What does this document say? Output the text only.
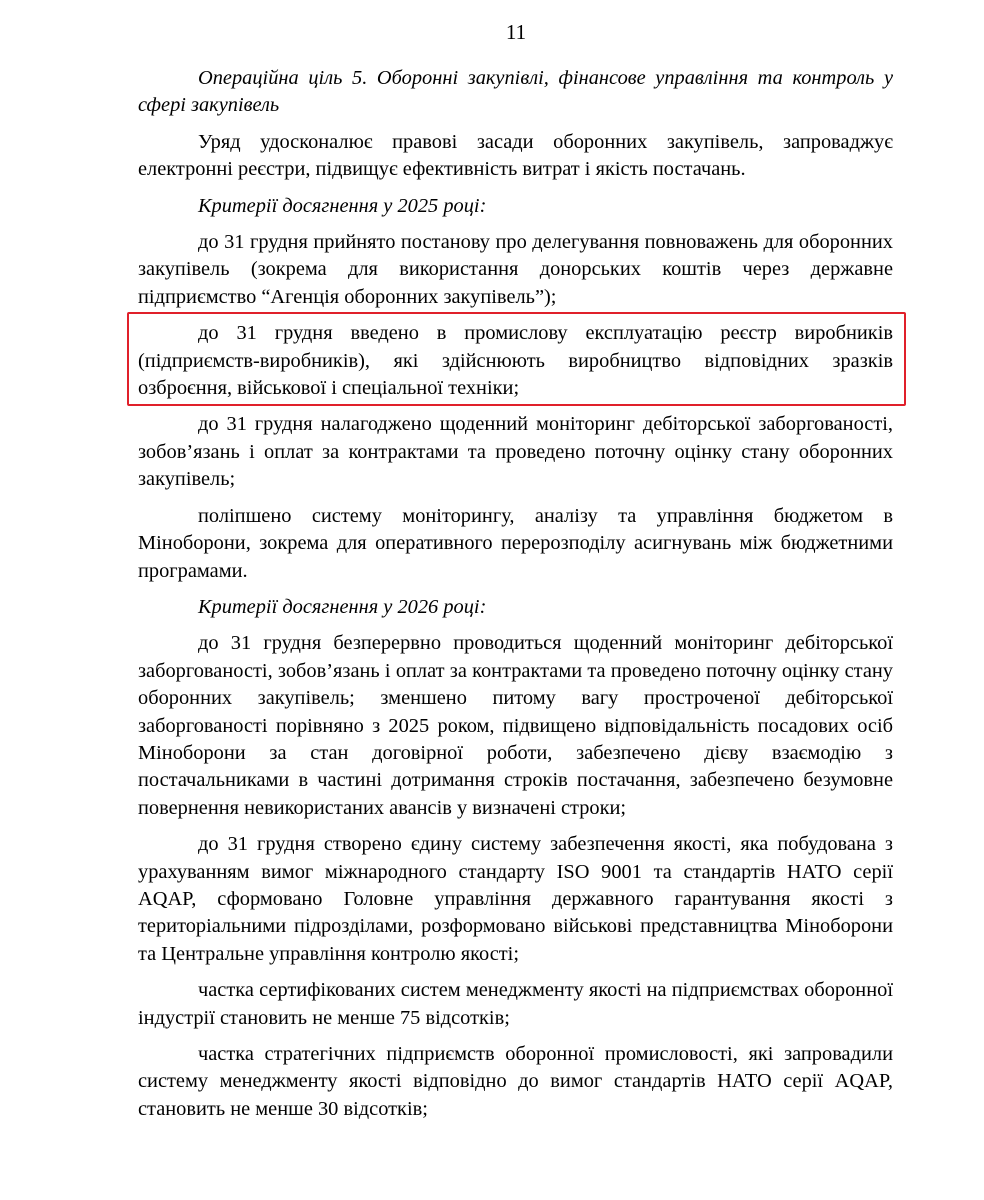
11

Операційна ціль 5. Оборонні закупівлі, фінансове управління та контроль у сфері закупівель

Уряд удосконалює правові засади оборонних закупівель, запроваджує електронні реєстри, підвищує ефективність витрат і якість постачань.

Критерії досягнення у 2025 році:

до 31 грудня прийнято постанову про делегування повноважень для оборонних закупівель (зокрема для використання донорських коштів через державне підприємство “Агенція оборонних закупівель”);

до 31 грудня введено в промислову експлуатацію реєстр виробників (підприємств-виробників), які здійснюють виробництво відповідних зразків озброєння, військової і спеціальної техніки;

до 31 грудня налагоджено щоденний моніторинг дебіторської заборгованості, зобов’язань і оплат за контрактами та проведено поточну оцінку стану оборонних закупівель;

поліпшено систему моніторингу, аналізу та управління бюджетом в Міноборони, зокрема для оперативного перерозподілу асигнувань між бюджетними програмами.

Критерії досягнення у 2026 році:

до 31 грудня безперервно проводиться щоденний моніторинг дебіторської заборгованості, зобов’язань і оплат за контрактами та проведено поточну оцінку стану оборонних закупівель; зменшено питому вагу простроченої дебіторської заборгованості порівняно з 2025 роком, підвищено відповідальність посадових осіб Міноборони за стан договірної роботи, забезпечено дієву взаємодію з постачальниками в частині дотримання строків постачання, забезпечено безумовне повернення невикористаних авансів у визначені строки;

до 31 грудня створено єдину систему забезпечення якості, яка побудована з урахуванням вимог міжнародного стандарту ISO 9001 та стандартів НАТО серії AQAP, сформовано Головне управління державного гарантування якості з територіальними підрозділами, розформовано військові представництва Міноборони та Центральне управління контролю якості;

частка сертифікованих систем менеджменту якості на підприємствах оборонної індустрії становить не менше 75 відсотків;

частка стратегічних підприємств оборонної промисловості, які запровадили систему менеджменту якості відповідно до вимог стандартів НАТО серії AQAP, становить не менше 30 відсотків;
